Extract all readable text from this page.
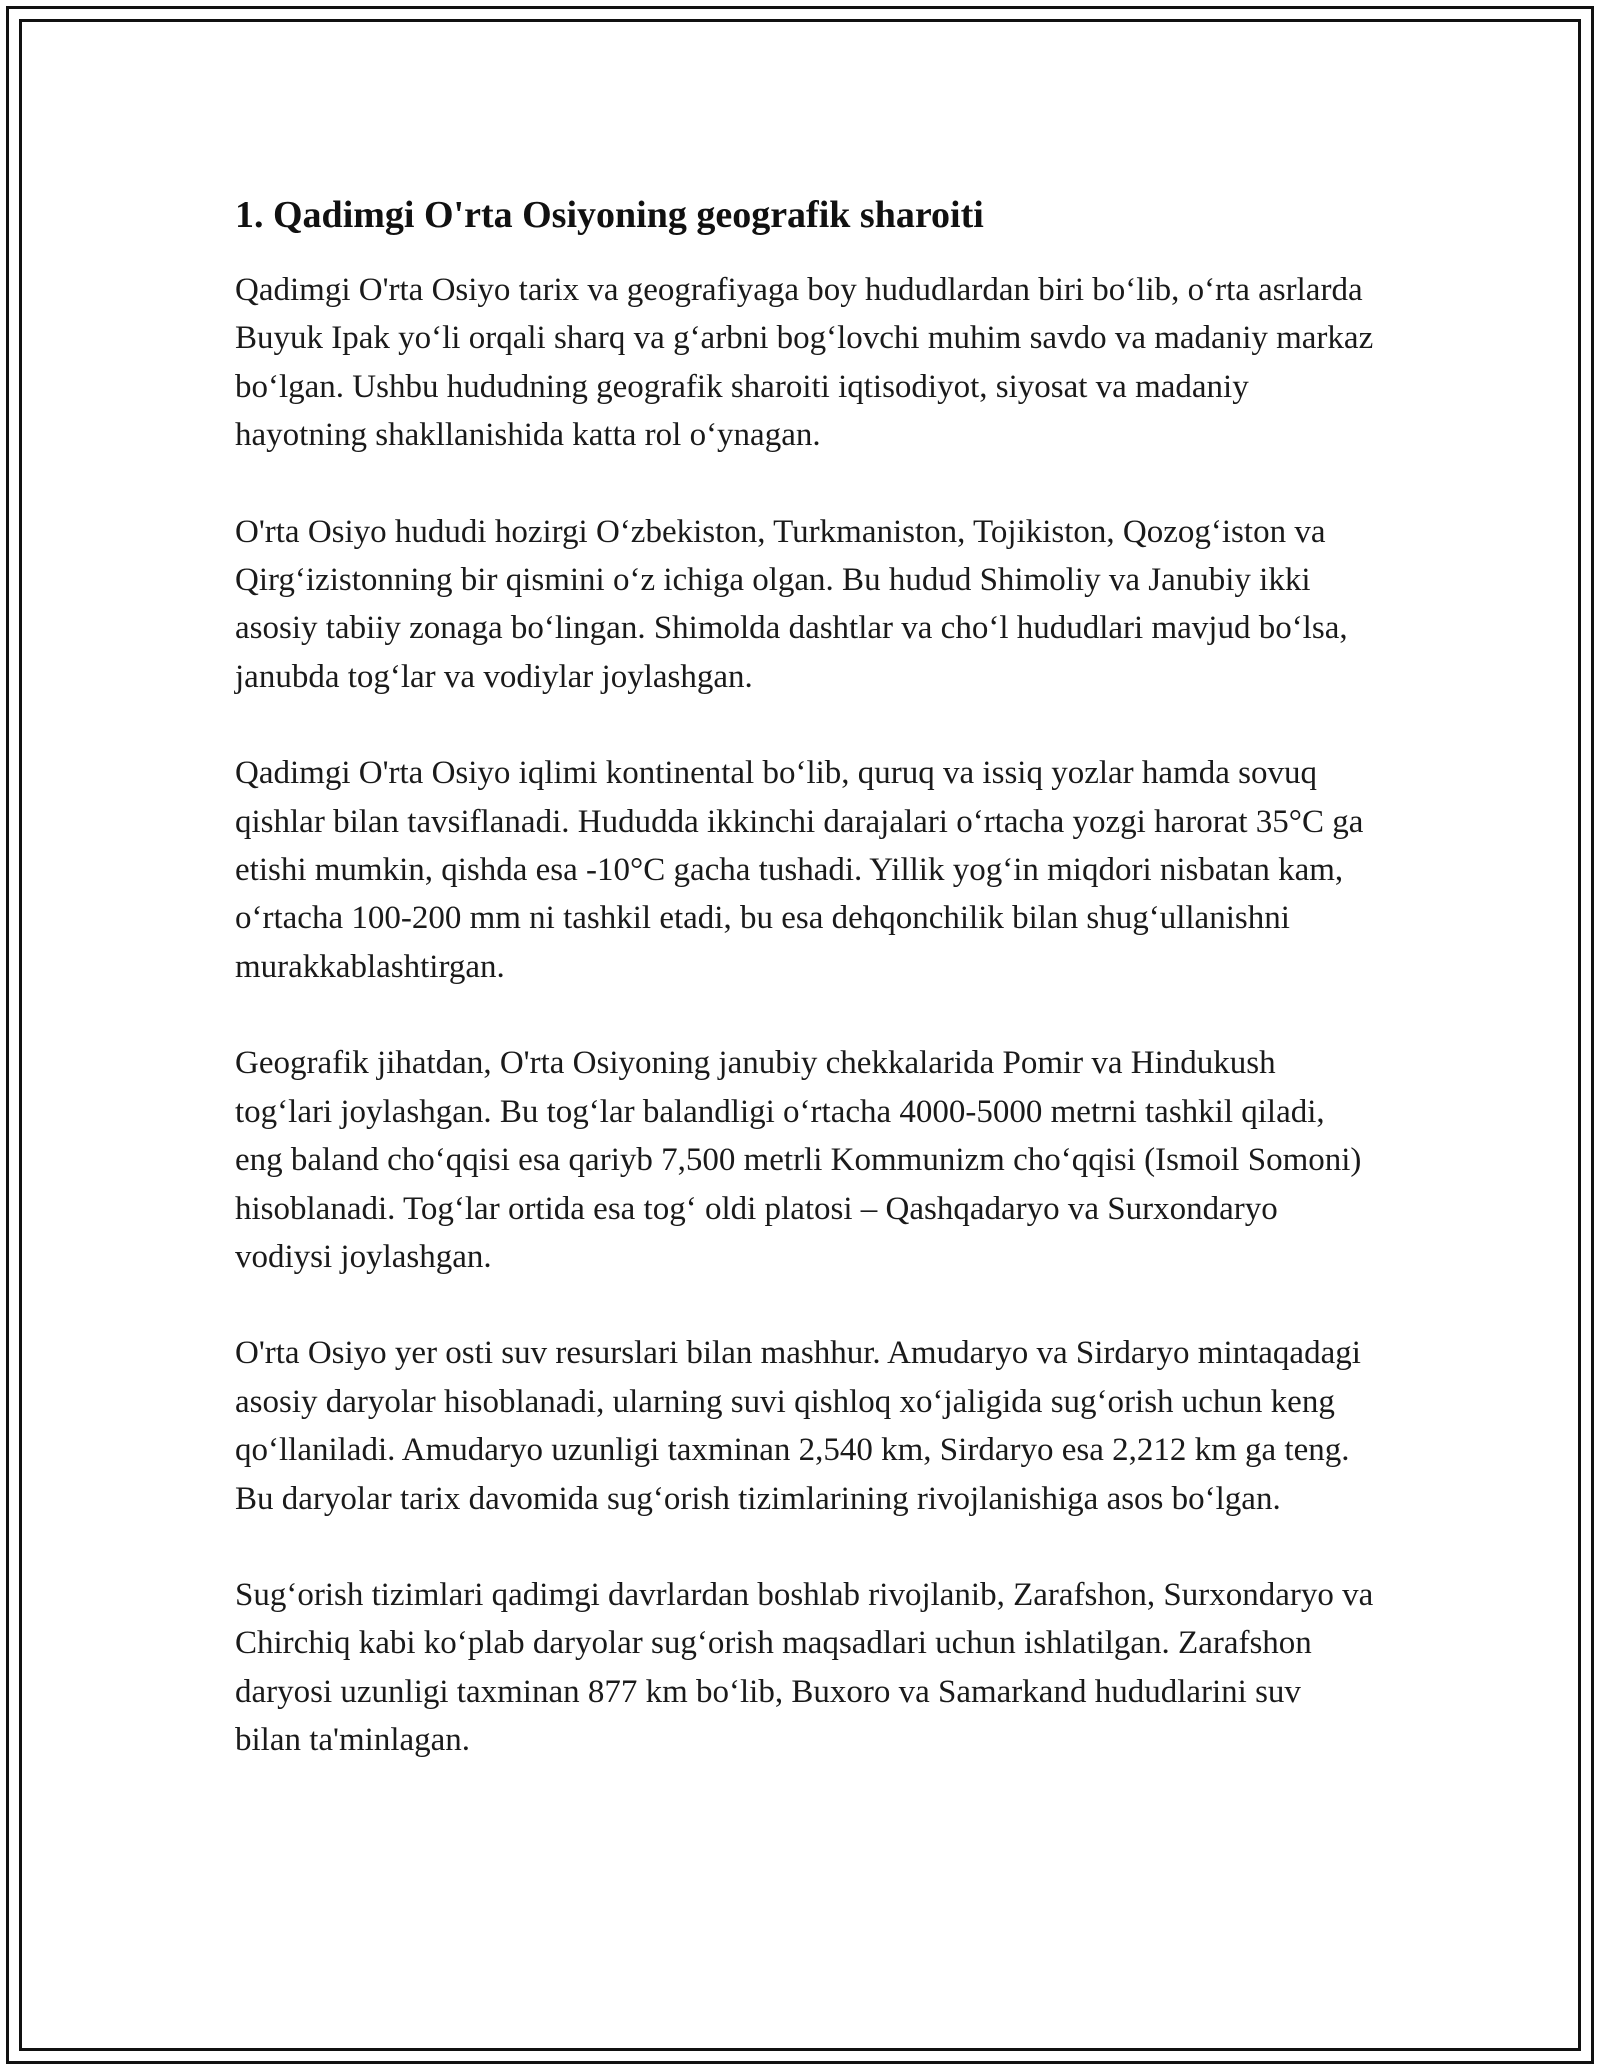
1. Qadimgi O'rta Osiyoning geografik sharoiti

Qadimgi O'rta Osiyo tarix va geografiyaga boy hududlardan biri bo‘lib, o‘rta asrlarda Buyuk Ipak yo‘li orqali sharq va g‘arbni bog‘lovchi muhim savdo va madaniy markaz bo‘lgan. Ushbu hududning geografik sharoiti iqtisodiyot, siyosat va madaniy hayotning shakllanishida katta rol o‘ynagan.

O'rta Osiyo hududi hozirgi O‘zbekiston, Turkmaniston, Tojikiston, Qozog‘iston va Qirg‘izistonning bir qismini o‘z ichiga olgan. Bu hudud Shimoliy va Janubiy ikki asosiy tabiiy zonaga bo‘lingan. Shimolda dashtlar va cho‘l hududlari mavjud bo‘lsa, janubda tog‘lar va vodiylar joylashgan.

Qadimgi O'rta Osiyo iqlimi kontinental bo‘lib, quruq va issiq yozlar hamda sovuq qishlar bilan tavsiflanadi. Hududda ikkinchi darajalari o‘rtacha yozgi harorat 35°C ga etishi mumkin, qishda esa -10°C gacha tushadi. Yillik yog‘in miqdori nisbatan kam, o‘rtacha 100-200 mm ni tashkil etadi, bu esa dehqonchilik bilan shug‘ullanishni murakkablashtirgan.

Geografik jihatdan, O'rta Osiyoning janubiy chekkalarida Pomir va Hindukush tog‘lari joylashgan. Bu tog‘lar balandligi o‘rtacha 4000-5000 metrni tashkil qiladi, eng baland cho‘qqisi esa qariyb 7,500 metrli Kommunizm cho‘qqisi (Ismoil Somoni) hisoblanadi. Tog‘lar ortida esa tog‘ oldi platosi – Qashqadaryo va Surxondaryo vodiysi joylashgan.

O'rta Osiyo yer osti suv resurslari bilan mashhur. Amudaryo va Sirdaryo mintaqadagi asosiy daryolar hisoblanadi, ularning suvi qishloq xo‘jaligida sug‘orish uchun keng qo‘llaniladi. Amudaryo uzunligi taxminan 2,540 km, Sirdaryo esa 2,212 km ga teng. Bu daryolar tarix davomida sug‘orish tizimlarining rivojlanishiga asos bo‘lgan.

Sug‘orish tizimlari qadimgi davrlardan boshlab rivojlanib, Zarafshon, Surxondaryo va Chirchiq kabi ko‘plab daryolar sug‘orish maqsadlari uchun ishlatilgan. Zarafshon daryosi uzunligi taxminan 877 km bo‘lib, Buxoro va Samarkand hududlarini suv bilan ta'minlagan.
